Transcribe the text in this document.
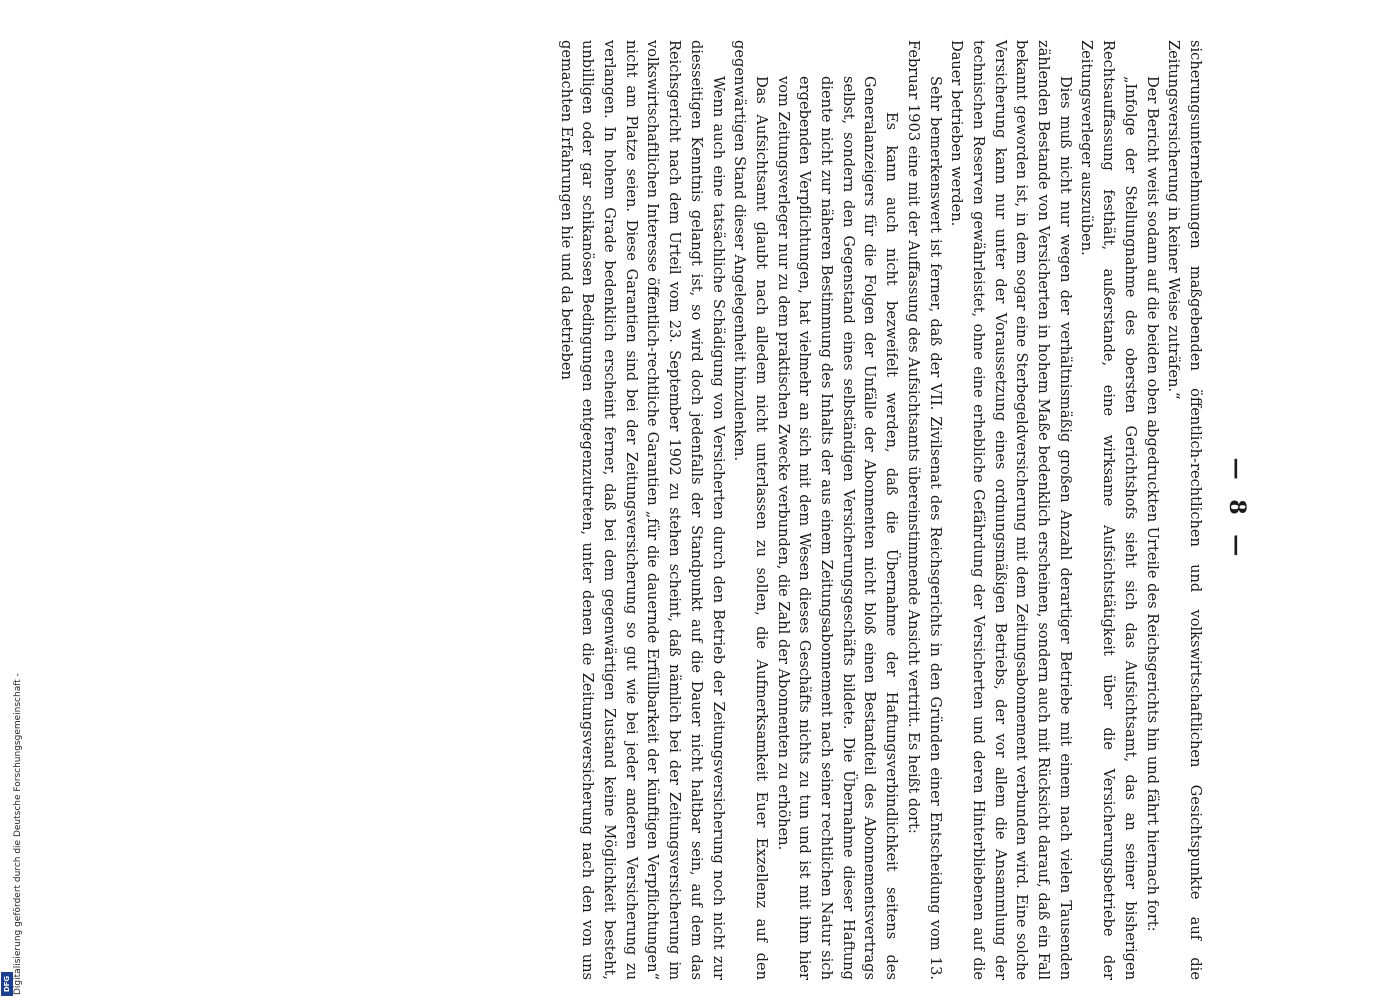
— 8 —

sicherungsunternehmungen maßgebenden öffentlich-rechtlichen und volkswirtschaftlichen Gesichtspunkte auf die Zeitungsversicherung in keiner Weise zuträfen.“

Der Bericht weist sodann auf die beiden oben abgedruckten Urteile des Reichsgerichts hin und fährt hiernach fort:

„Infolge der Stellungnahme des obersten Gerichtshofs sieht sich das Aufsichtsamt, das an seiner bisherigen Rechtsauffassung festhält, außerstande, eine wirksame Aufsichtstätigkeit über die Versicherungsbetriebe der Zeitungsverleger auszuüben.

Dies muß nicht nur wegen der verhältnismäßig großen Anzahl derartiger Betriebe mit einem nach vielen Tausenden zählenden Bestande von Versicherten in hohem Maße bedenklich erscheinen, sondern auch mit Rücksicht darauf, daß ein Fall bekannt geworden ist, in dem sogar eine Sterbegeldversicherung mit dem Zeitungsabonnement verbunden wird. Eine solche Versicherung kann nur unter der Voraussetzung eines ordnungsmäßigen Betriebs, der vor allem die Ansammlung der technischen Reserven gewährleistet, ohne eine erhebliche Gefährdung der Versicherten und deren Hinterbliebenen auf die Dauer betrieben werden.

Sehr bemerkenswert ist ferner, daß der VII. Zivilsenat des Reichsgerichts in den Gründen einer Entscheidung vom 13. Februar 1903 eine mit der Auffassung des Aufsichtsamts übereinstimmende Ansicht vertritt. Es heißt dort:

Es kann auch nicht bezweifelt werden, daß die Übernahme der Haftungsverbindlichkeit seitens des Generalanzeigers für die Folgen der Unfälle der Abonnenten nicht bloß einen Bestandteil des Abonnementsvertrags selbst, sondern den Gegenstand eines selbständigen Versicherungsgeschäfts bildete. Die Übernahme dieser Haftung diente nicht zur näheren Bestimmung des Inhalts der aus einem Zeitungsabonnement nach seiner rechtlichen Natur sich ergebenden Verpflichtungen, hat vielmehr an sich mit dem Wesen dieses Geschäfts nichts zu tun und ist mit ihm hier vom Zeitungsverleger nur zu dem praktischen Zwecke verbunden, die Zahl der Abonnenten zu erhöhen.

Das Aufsichtsamt glaubt nach alledem nicht unterlassen zu sollen, die Aufmerksamkeit Euer Exzellenz auf den gegenwärtigen Stand dieser Angelegenheit hinzulenken.

Wenn auch eine tatsächliche Schädigung von Versicherten durch den Betrieb der Zeitungsversicherung noch nicht zur diesseitigen Kenntnis gelangt ist, so wird doch jedenfalls der Standpunkt auf die Dauer nicht haltbar sein, auf dem das Reichsgericht nach dem Urteil vom 23. September 1902 zu stehen scheint, daß nämlich bei der Zeitungsversicherung im volkswirtschaftlichen Interesse öffentlich-rechtliche Garantien „für die dauernde Erfüllbarkeit der künftigen Verpflichtungen“ nicht am Platze seien. Diese Garantien sind bei der Zeitungsversicherung so gut wie bei jeder anderen Versicherung zu verlangen. In hohem Grade bedenklich erscheint ferner, daß bei dem gegenwärtigen Zustand keine Möglichkeit besteht, unbilligen oder gar schikanösen Bedingungen entgegenzutreten, unter denen die Zeitungsversicherung nach den von uns gemachten Erfahrungen hie und da betrieben

Digitalisierung gefördert durch die Deutsche Forschungsgemeinschaft -
DFG
